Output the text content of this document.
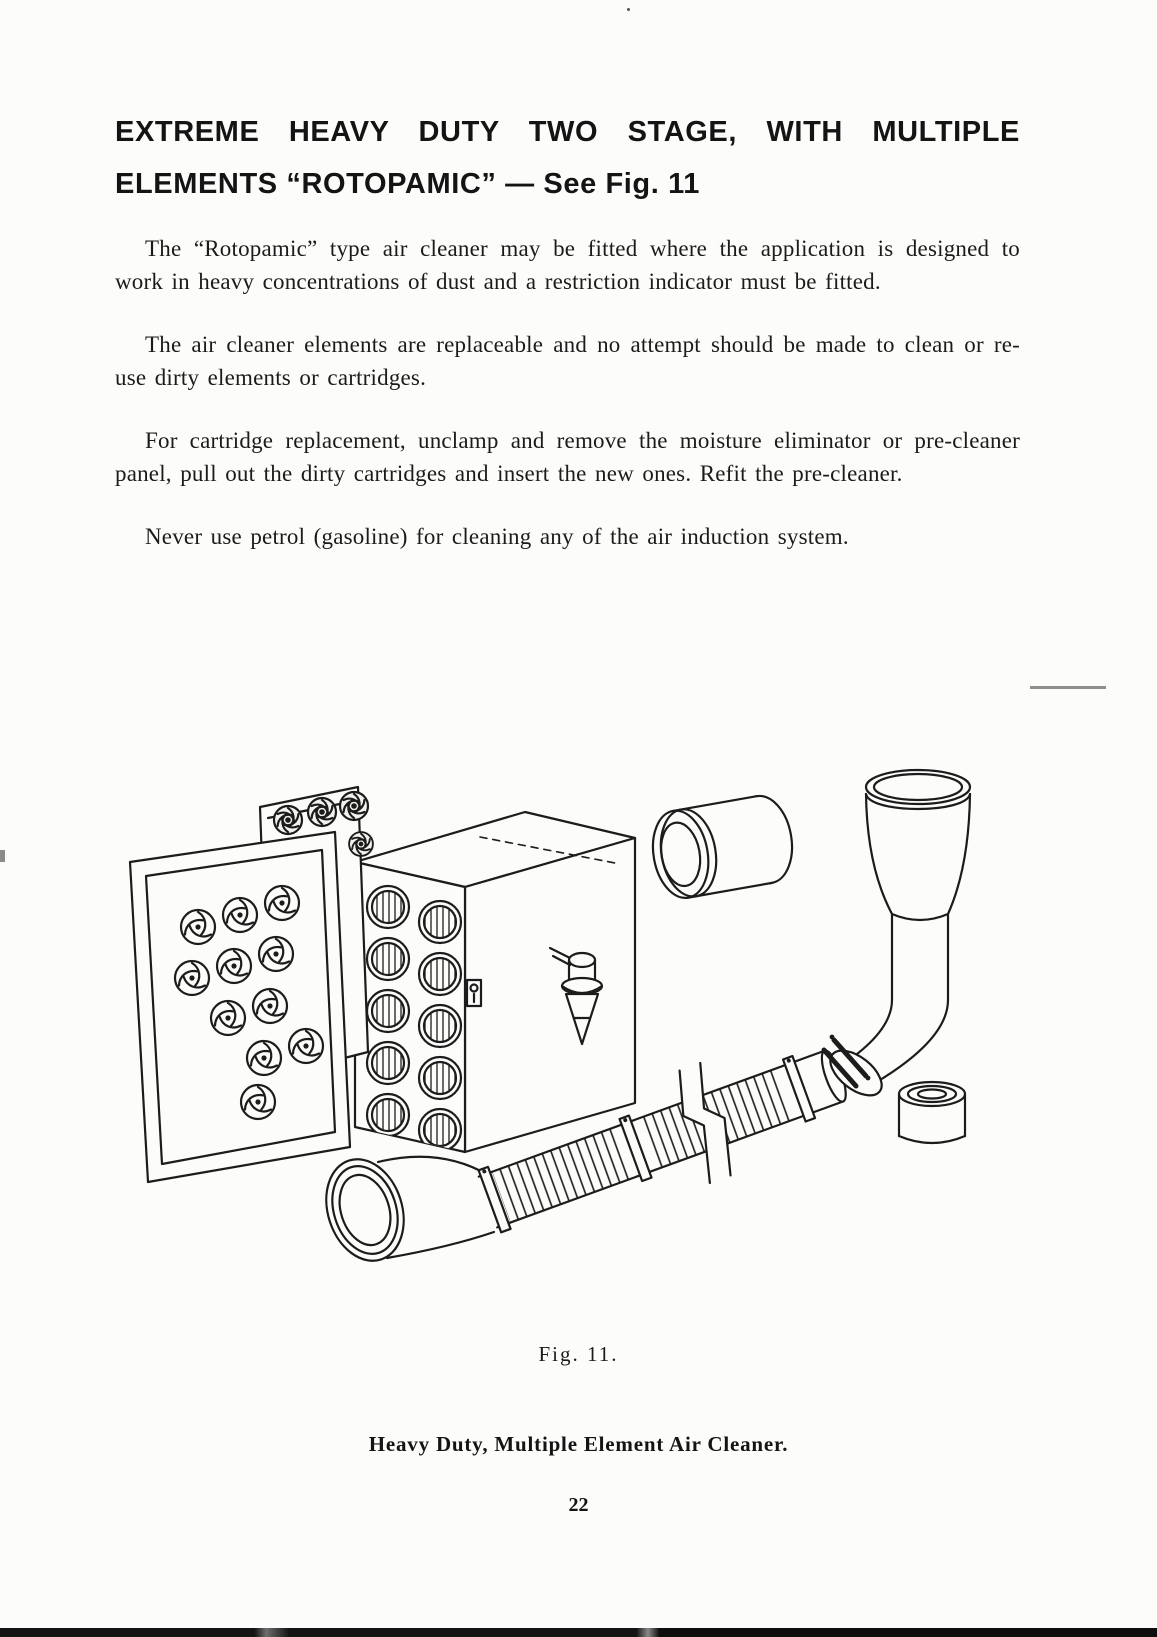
EXTREME HEAVY DUTY TWO STAGE, WITH MULTIPLE
ELEMENTS “ROTOPAMIC” — See Fig. 11

The “Rotopamic” type air cleaner may be fitted where the application is designed to work in heavy concentrations of dust and a restriction indicator must be fitted.

The air cleaner elements are replaceable and no attempt should be made to clean or re-use dirty elements or cartridges.

For cartridge replacement, unclamp and remove the moisture eliminator or pre-cleaner panel, pull out the dirty cartridges and insert the new ones. Refit the pre-cleaner.

Never use petrol (gasoline) for cleaning any of the air induction system.

Fig. 11.
Heavy Duty, Multiple Element Air Cleaner.
22
